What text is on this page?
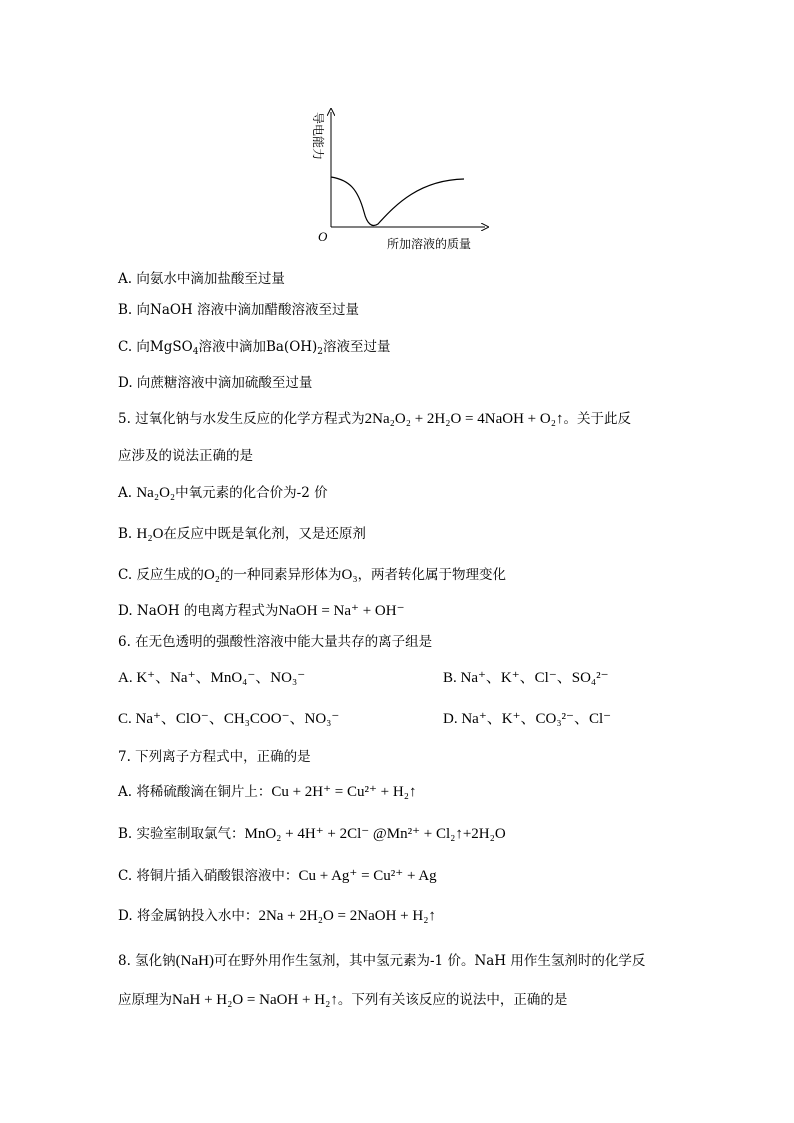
O	所加溶液的质量
导电能力
A. 向氨水中滴加盐酸至过量
B. 向NaOH 溶液中滴加醋酸溶液至过量
C. 向MgSO$_4$溶液中滴加$Ba(OH)_2$溶液至过量
D. 向蔗糖溶液中滴加硫酸至过量
5. 过氧化钠与水发生反应的化学方程式为2Na₂O₂ + 2H₂O = 4NaOH + O₂↑。关于此反
应涉及的说法正确的是
A. Na₂O₂中氧元素的化合价为-2 价
B. H₂O在反应中既是氧化剂，又是还原剂
C. 反应生成的O₂的一种同素异形体为O₃，两者转化属于物理变化
D. NaOH 的电离方程式为NaOH = Na⁺ + OH⁻
6. 在无色透明的强酸性溶液中能大量共存的离子组是
A. K⁺、Na⁺、MnO₄⁻、NO₃⁻	B. Na⁺、K⁺、Cl⁻、SO₄²⁻
C. Na⁺、ClO⁻、CH₃COO⁻、NO₃⁻	D. Na⁺、K⁺、CO₃²⁻、Cl⁻
7. 下列离子方程式中，正确的是
A. 将稀硫酸滴在铜片上：Cu + 2H⁺ = Cu²⁺ + H₂↑
B. 实验室制取氯气：MnO₂ + 4H⁺ + 2Cl⁻ @Mn²⁺ + Cl₂↑+2H₂O
C. 将铜片插入硝酸银溶液中：Cu + Ag⁺ = Cu²⁺ + Ag
D. 将金属钠投入水中：2Na + 2H₂O = 2NaOH + H₂↑
8. 氢化钠(NaH)可在野外用作生氢剂，其中氢元素为-1 价。NaH 用作生氢剂时的化学反
应原理为NaH + H₂O = NaOH + H₂↑。下列有关该反应的说法中，正确的是
